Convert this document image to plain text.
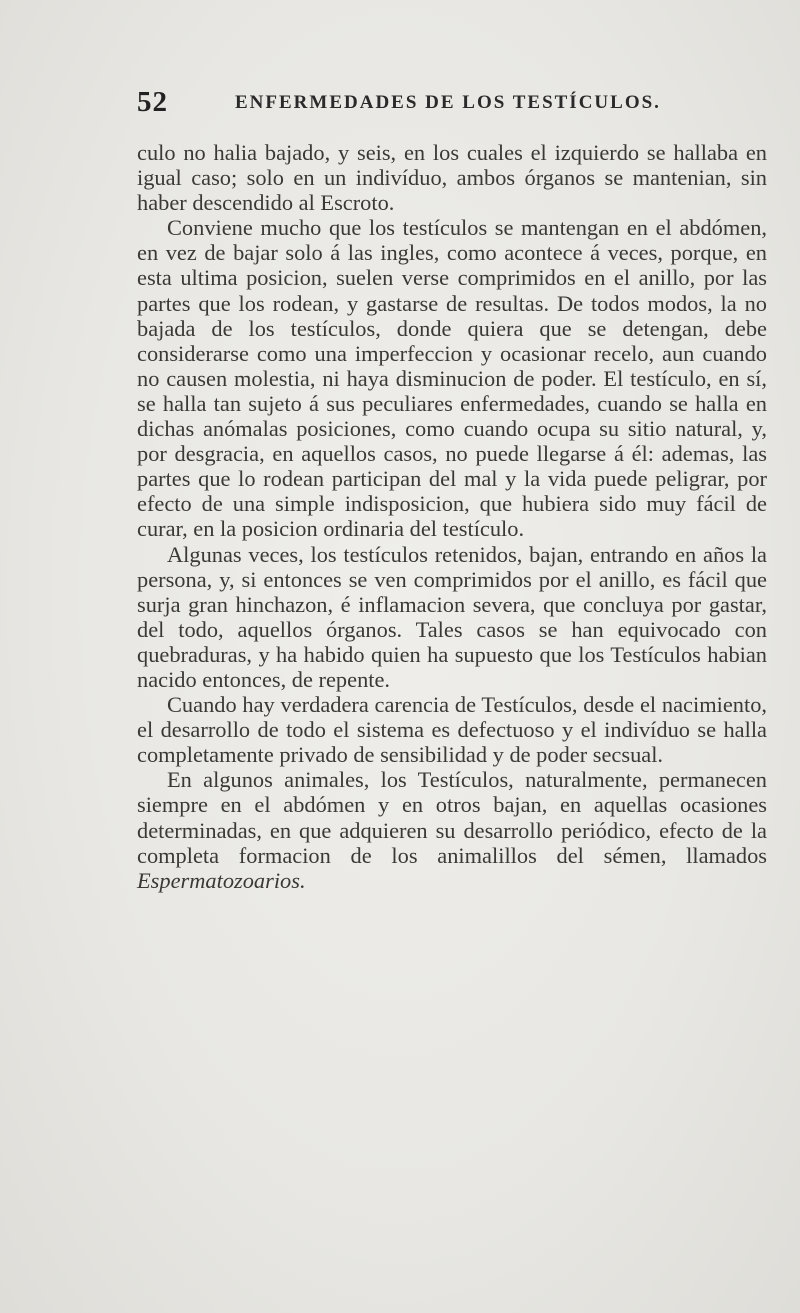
52	ENFERMEDADES DE LOS TESTÍCULOS.

culo no halia bajado, y seis, en los cuales el izquierdo se hallaba en igual caso; solo en un indivíduo, ambos órganos se mantenian, sin haber descendido al Escroto.

Conviene mucho que los testículos se mantengan en el abdómen, en vez de bajar solo á las ingles, como acontece á veces, porque, en esta ultima posicion, suelen verse comprimidos en el anillo, por las partes que los rodean, y gastarse de resultas. De todos modos, la no bajada de los testículos, donde quiera que se detengan, debe considerarse como una imperfeccion y ocasionar recelo, aun cuando no causen molestia, ni haya disminucion de poder. El testículo, en sí, se halla tan sujeto á sus peculiares enfermedades, cuando se halla en dichas anómalas posiciones, como cuando ocupa su sitio natural, y, por desgracia, en aquellos casos, no puede llegarse á él: ademas, las partes que lo rodean participan del mal y la vida puede peligrar, por efecto de una simple indisposicion, que hubiera sido muy fácil de curar, en la posicion ordinaria del testículo.

Algunas veces, los testículos retenidos, bajan, entrando en años la persona, y, si entonces se ven comprimidos por el anillo, es fácil que surja gran hinchazon, é inflamacion severa, que concluya por gastar, del todo, aquellos órganos. Tales casos se han equivocado con quebraduras, y ha habido quien ha supuesto que los Testículos habian nacido entonces, de repente.

Cuando hay verdadera carencia de Testículos, desde el nacimiento, el desarrollo de todo el sistema es defectuoso y el indivíduo se halla completamente privado de sensibilidad y de poder secsual.

En algunos animales, los Testículos, naturalmente, permanecen siempre en el abdómen y en otros bajan, en aquellas ocasiones determinadas, en que adquieren su desarrollo periódico, efecto de la completa formacion de los animalillos del sémen, llamados Espermatozoarios.
